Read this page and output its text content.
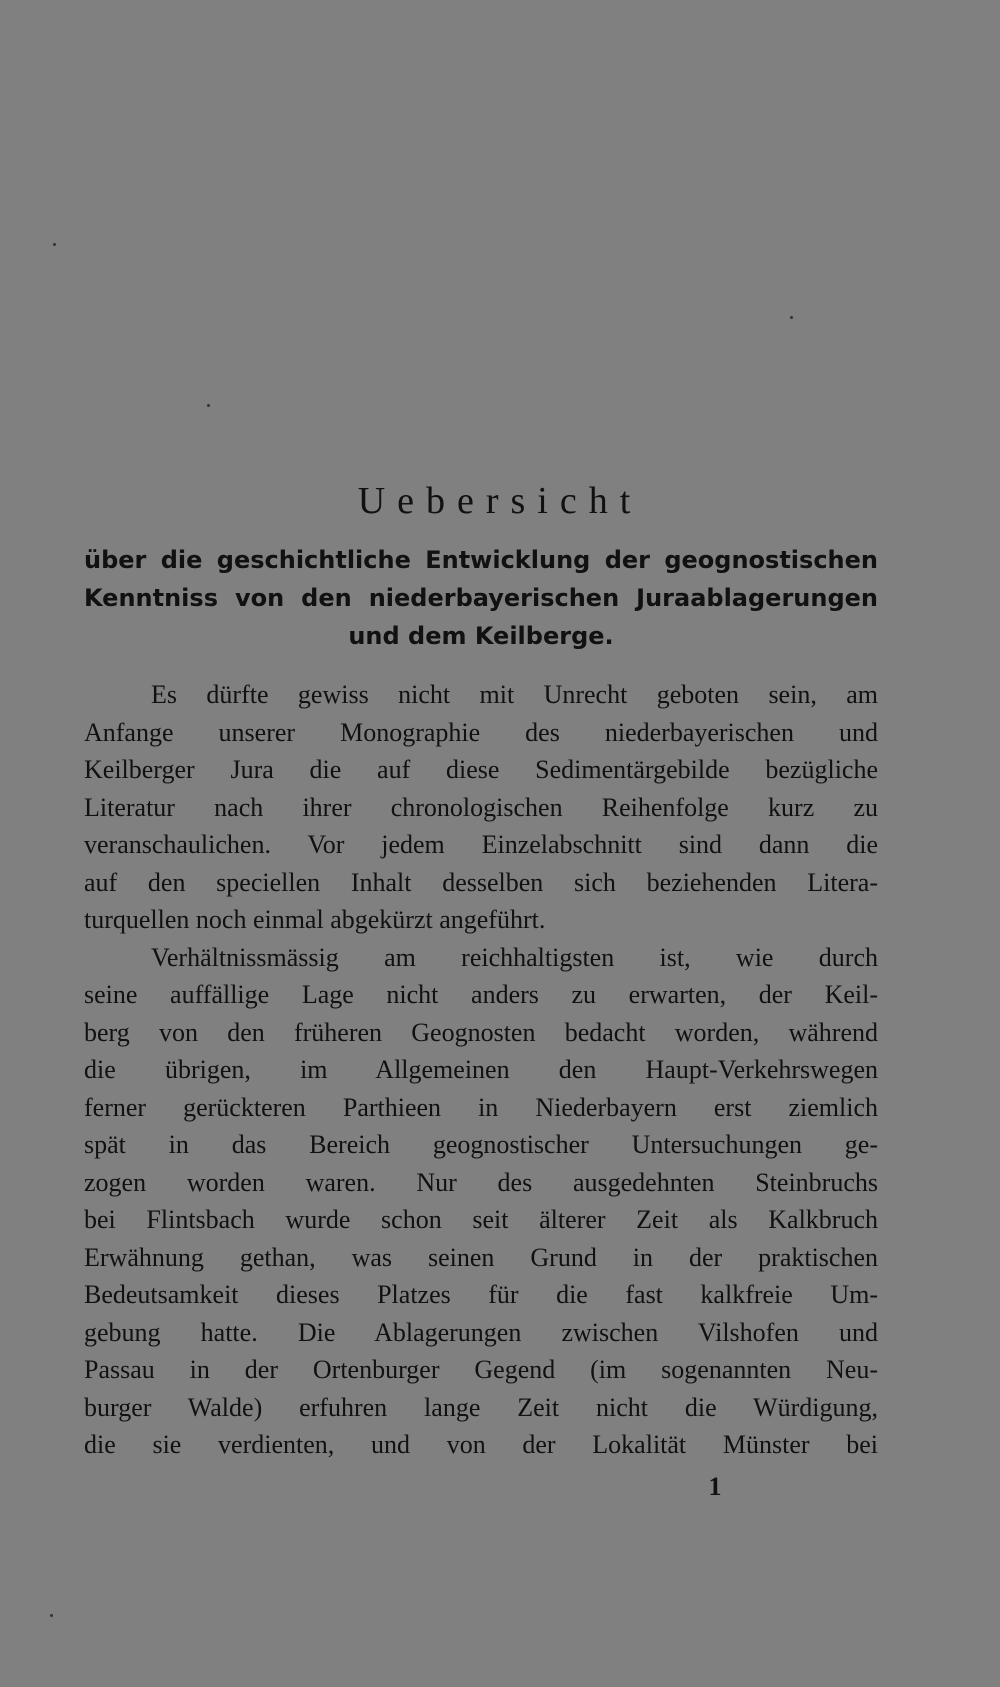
Uebersicht
über die geschichtliche Entwicklung der geognostischen
Kenntniss von den niederbayerischen Juraablagerungen
und dem Keilberge.
Es dürfte gewiss nicht mit Unrecht geboten sein, am
Anfange unserer Monographie des niederbayerischen und
Keilberger Jura die auf diese Sedimentärgebilde bezügliche
Literatur nach ihrer chronologischen Reihenfolge kurz zu
veranschaulichen. Vor jedem Einzelabschnitt sind dann die
auf den speciellen Inhalt desselben sich beziehenden Litera-
turquellen noch einmal abgekürzt angeführt.
Verhältnissmässig am reichhaltigsten ist, wie durch
seine auffällige Lage nicht anders zu erwarten, der Keil-
berg von den früheren Geognosten bedacht worden, während
die übrigen, im Allgemeinen den Haupt-Verkehrswegen
ferner gerückteren Parthieen in Niederbayern erst ziemlich
spät in das Bereich geognostischer Untersuchungen ge-
zogen worden waren. Nur des ausgedehnten Steinbruchs
bei Flintsbach wurde schon seit älterer Zeit als Kalkbruch
Erwähnung gethan, was seinen Grund in der praktischen
Bedeutsamkeit dieses Platzes für die fast kalkfreie Um-
gebung hatte. Die Ablagerungen zwischen Vilshofen und
Passau in der Ortenburger Gegend (im sogenannten Neu-
burger Walde) erfuhren lange Zeit nicht die Würdigung,
die sie verdienten, und von der Lokalität Münster bei
1
